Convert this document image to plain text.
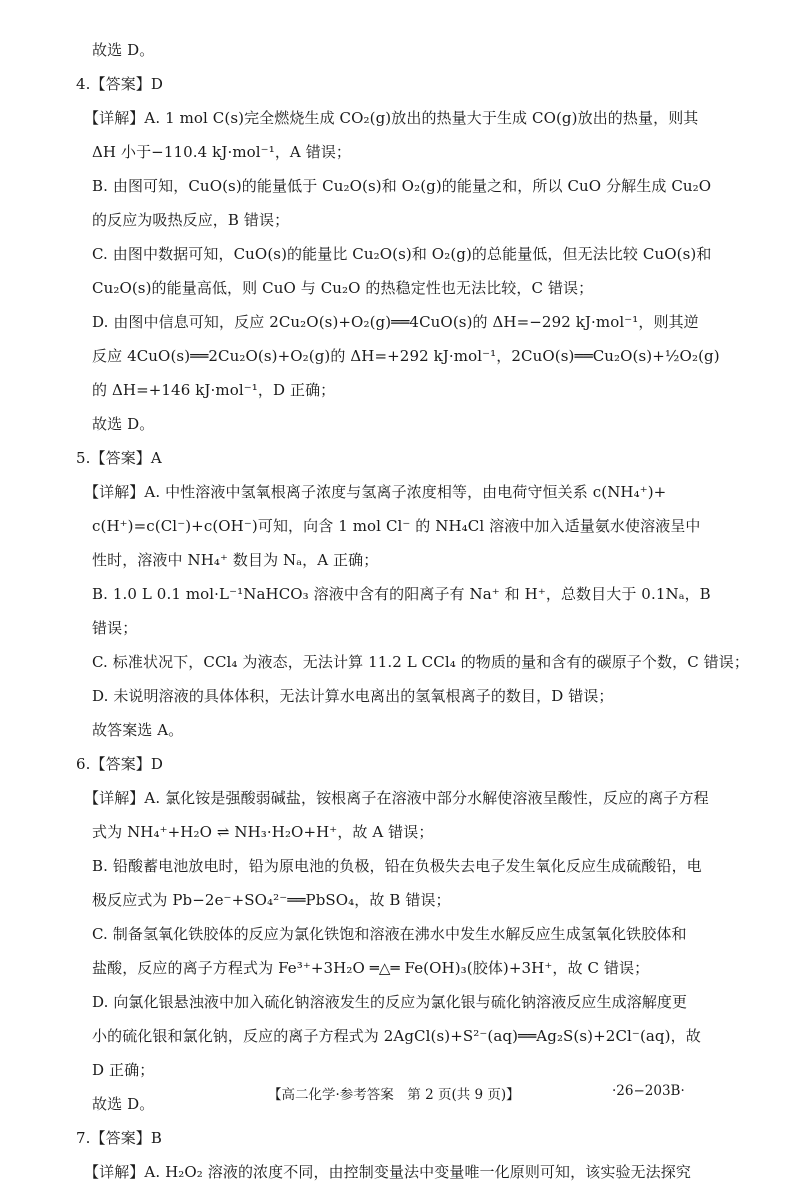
故选 D。
4.【答案】D
【详解】A. 1 mol C(s)完全燃烧生成 CO₂(g)放出的热量大于生成 CO(g)放出的热量，则其
ΔH 小于−110.4 kJ·mol⁻¹，A 错误；
B. 由图可知，CuO(s)的能量低于 Cu₂O(s)和 O₂(g)的能量之和，所以 CuO 分解生成 Cu₂O
的反应为吸热反应，B 错误；
C. 由图中数据可知，CuO(s)的能量比 Cu₂O(s)和 O₂(g)的总能量低，但无法比较 CuO(s)和
Cu₂O(s)的能量高低，则 CuO 与 Cu₂O 的热稳定性也无法比较，C 错误；
D. 由图中信息可知，反应 2Cu₂O(s)+O₂(g)══4CuO(s)的 ΔH=−292 kJ·mol⁻¹，则其逆
反应 4CuO(s)══2Cu₂O(s)+O₂(g)的 ΔH=+292 kJ·mol⁻¹，2CuO(s)══Cu₂O(s)+½O₂(g)
的 ΔH=+146 kJ·mol⁻¹，D 正确；
故选 D。
5.【答案】A
【详解】A. 中性溶液中氢氧根离子浓度与氢离子浓度相等，由电荷守恒关系 c(NH₄⁺)+
c(H⁺)=c(Cl⁻)+c(OH⁻)可知，向含 1 mol Cl⁻ 的 NH₄Cl 溶液中加入适量氨水使溶液呈中
性时，溶液中 NH₄⁺ 数目为 Nₐ，A 正确；
B. 1.0 L 0.1 mol·L⁻¹NaHCO₃ 溶液中含有的阳离子有 Na⁺ 和 H⁺，总数目大于 0.1Nₐ，B
错误；
C. 标准状况下，CCl₄ 为液态，无法计算 11.2 L CCl₄ 的物质的量和含有的碳原子个数，C 错误；
D. 未说明溶液的具体体积，无法计算水电离出的氢氧根离子的数目，D 错误；
故答案选 A。
6.【答案】D
【详解】A. 氯化铵是强酸弱碱盐，铵根离子在溶液中部分水解使溶液呈酸性，反应的离子方程
式为 NH₄⁺+H₂O ⇌ NH₃·H₂O+H⁺，故 A 错误；
B. 铅酸蓄电池放电时，铅为原电池的负极，铅在负极失去电子发生氧化反应生成硫酸铅，电
极反应式为 Pb−2e⁻+SO₄²⁻══PbSO₄，故 B 错误；
C. 制备氢氧化铁胶体的反应为氯化铁饱和溶液在沸水中发生水解反应生成氢氧化铁胶体和
盐酸，反应的离子方程式为 Fe³⁺+3H₂O ═△═ Fe(OH)₃(胶体)+3H⁺，故 C 错误；
D. 向氯化银悬浊液中加入硫化钠溶液发生的反应为氯化银与硫化钠溶液反应生成溶解度更
小的硫化银和氯化钠，反应的离子方程式为 2AgCl(s)+S²⁻(aq)══Ag₂S(s)+2Cl⁻(aq)，故
D 正确；
故选 D。
7.【答案】B
【详解】A. H₂O₂ 溶液的浓度不同，由控制变量法中变量唯一化原则可知，该实验无法探究
【高二化学·参考答案　第 2 页(共 9 页)】	·26−203B·
